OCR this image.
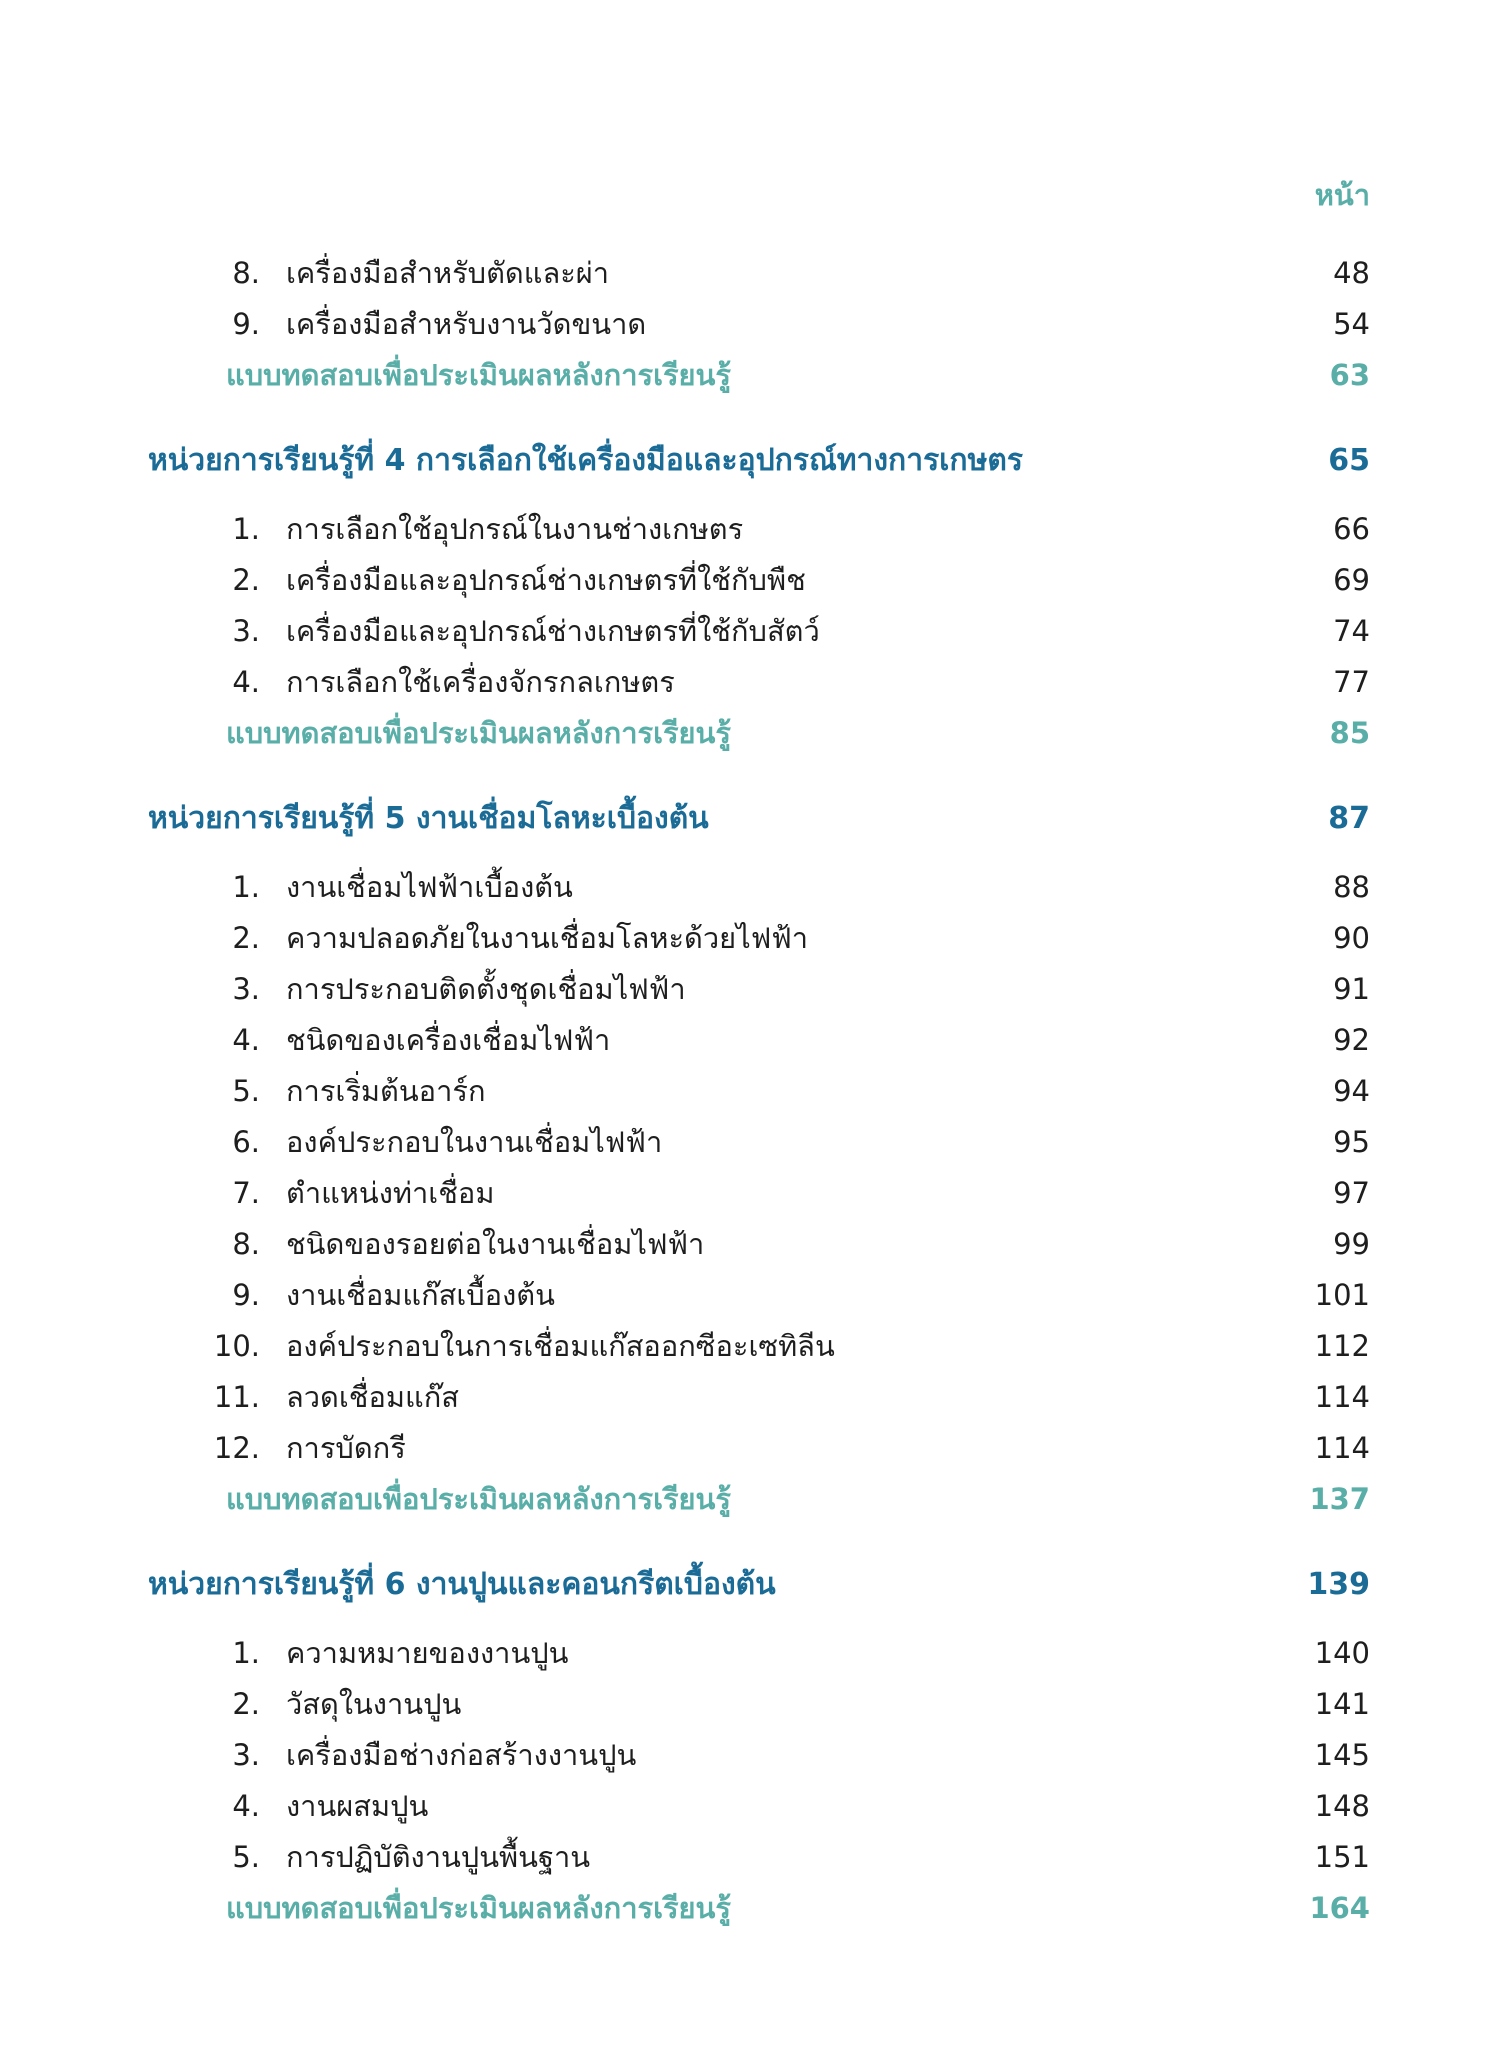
หน้า
8. เครื่องมือสำหรับตัดและผ่า	48
9. เครื่องมือสำหรับงานวัดขนาด	54
แบบทดสอบเพื่อประเมินผลหลังการเรียนรู้	63
หน่วยการเรียนรู้ที่ 4 การเลือกใช้เครื่องมือและอุปกรณ์ทางการเกษตร	65
1. การเลือกใช้อุปกรณ์ในงานช่างเกษตร	66
2. เครื่องมือและอุปกรณ์ช่างเกษตรที่ใช้กับพืช	69
3. เครื่องมือและอุปกรณ์ช่างเกษตรที่ใช้กับสัตว์	74
4. การเลือกใช้เครื่องจักรกลเกษตร	77
แบบทดสอบเพื่อประเมินผลหลังการเรียนรู้	85
หน่วยการเรียนรู้ที่ 5 งานเชื่อมโลหะเบื้องต้น	87
1. งานเชื่อมไฟฟ้าเบื้องต้น	88
2. ความปลอดภัยในงานเชื่อมโลหะด้วยไฟฟ้า	90
3. การประกอบติดตั้งชุดเชื่อมไฟฟ้า	91
4. ชนิดของเครื่องเชื่อมไฟฟ้า	92
5. การเริ่มต้นอาร์ก	94
6. องค์ประกอบในงานเชื่อมไฟฟ้า	95
7. ตำแหน่งท่าเชื่อม	97
8. ชนิดของรอยต่อในงานเชื่อมไฟฟ้า	99
9. งานเชื่อมแก๊สเบื้องต้น	101
10. องค์ประกอบในการเชื่อมแก๊สออกซีอะเซทิลีน	112
11. ลวดเชื่อมแก๊ส	114
12. การบัดกรี	114
แบบทดสอบเพื่อประเมินผลหลังการเรียนรู้	137
หน่วยการเรียนรู้ที่ 6 งานปูนและคอนกรีตเบื้องต้น	139
1. ความหมายของงานปูน	140
2. วัสดุในงานปูน	141
3. เครื่องมือช่างก่อสร้างงานปูน	145
4. งานผสมปูน	148
5. การปฏิบัติงานปูนพื้นฐาน	151
แบบทดสอบเพื่อประเมินผลหลังการเรียนรู้	164
